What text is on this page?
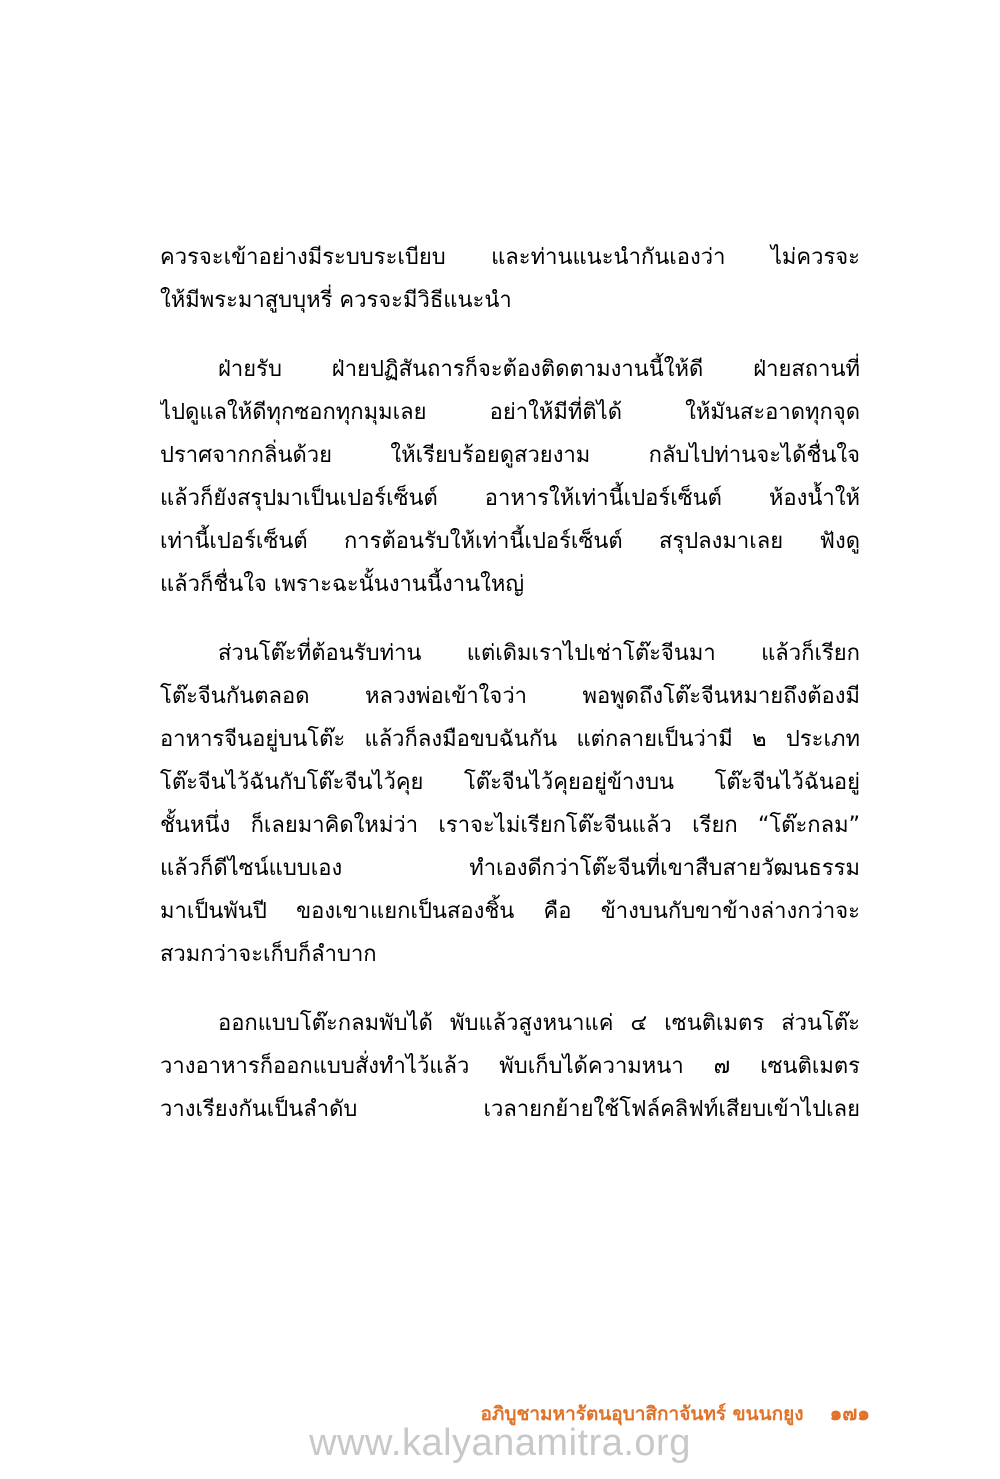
ควรจะเข้าอย่างมีระบบระเบียบ และท่านแนะนำกันเองว่า ไม่ควรจะ
ให้มีพระมาสูบบุหรี่ ควรจะมีวิธีแนะนำ
ฝ่ายรับ ฝ่ายปฏิสันถารก็จะต้องติดตามงานนี้ให้ดี ฝ่ายสถานที่
ไปดูแลให้ดีทุกซอกทุกมุมเลย อย่าให้มีที่ติได้ ให้มันสะอาดทุกจุด
ปราศจากกลิ่นด้วย ให้เรียบร้อยดูสวยงาม กลับไปท่านจะได้ชื่นใจ
แล้วก็ยังสรุปมาเป็นเปอร์เซ็นต์ อาหารให้เท่านี้เปอร์เซ็นต์ ห้องน้ำให้
เท่านี้เปอร์เซ็นต์ การต้อนรับให้เท่านี้เปอร์เซ็นต์ สรุปลงมาเลย ฟังดู
แล้วก็ชื่นใจ เพราะฉะนั้นงานนี้งานใหญ่
ส่วนโต๊ะที่ต้อนรับท่าน แต่เดิมเราไปเช่าโต๊ะจีนมา แล้วก็เรียก
โต๊ะจีนกันตลอด หลวงพ่อเข้าใจว่า พอพูดถึงโต๊ะจีนหมายถึงต้องมี
อาหารจีนอยู่บนโต๊ะ แล้วก็ลงมือขบฉันกัน แต่กลายเป็นว่ามี ๒ ประเภท
โต๊ะจีนไว้ฉันกับโต๊ะจีนไว้คุย โต๊ะจีนไว้คุยอยู่ข้างบน โต๊ะจีนไว้ฉันอยู่
ชั้นหนึ่ง ก็เลยมาคิดใหม่ว่า เราจะไม่เรียกโต๊ะจีนแล้ว เรียก “โต๊ะกลม”
แล้วก็ดีไซน์แบบเอง ทำเองดีกว่าโต๊ะจีนที่เขาสืบสายวัฒนธรรม
มาเป็นพันปี ของเขาแยกเป็นสองชิ้น คือ ข้างบนกับขาข้างล่างกว่าจะ
สวมกว่าจะเก็บก็ลำบาก
ออกแบบโต๊ะกลมพับได้ พับแล้วสูงหนาแค่ ๔ เซนติเมตร ส่วนโต๊ะ
วางอาหารก็ออกแบบสั่งทำไว้แล้ว พับเก็บได้ความหนา ๗ เซนติเมตร
วางเรียงกันเป็นลำดับ เวลายกย้ายใช้โฟล์คลิฟท์เสียบเข้าไปเลย
อภิบูชามหารัตนอุบาสิกาจันทร์ ขนนกยูง ๑๗๑
www.kalyanamitra.org
